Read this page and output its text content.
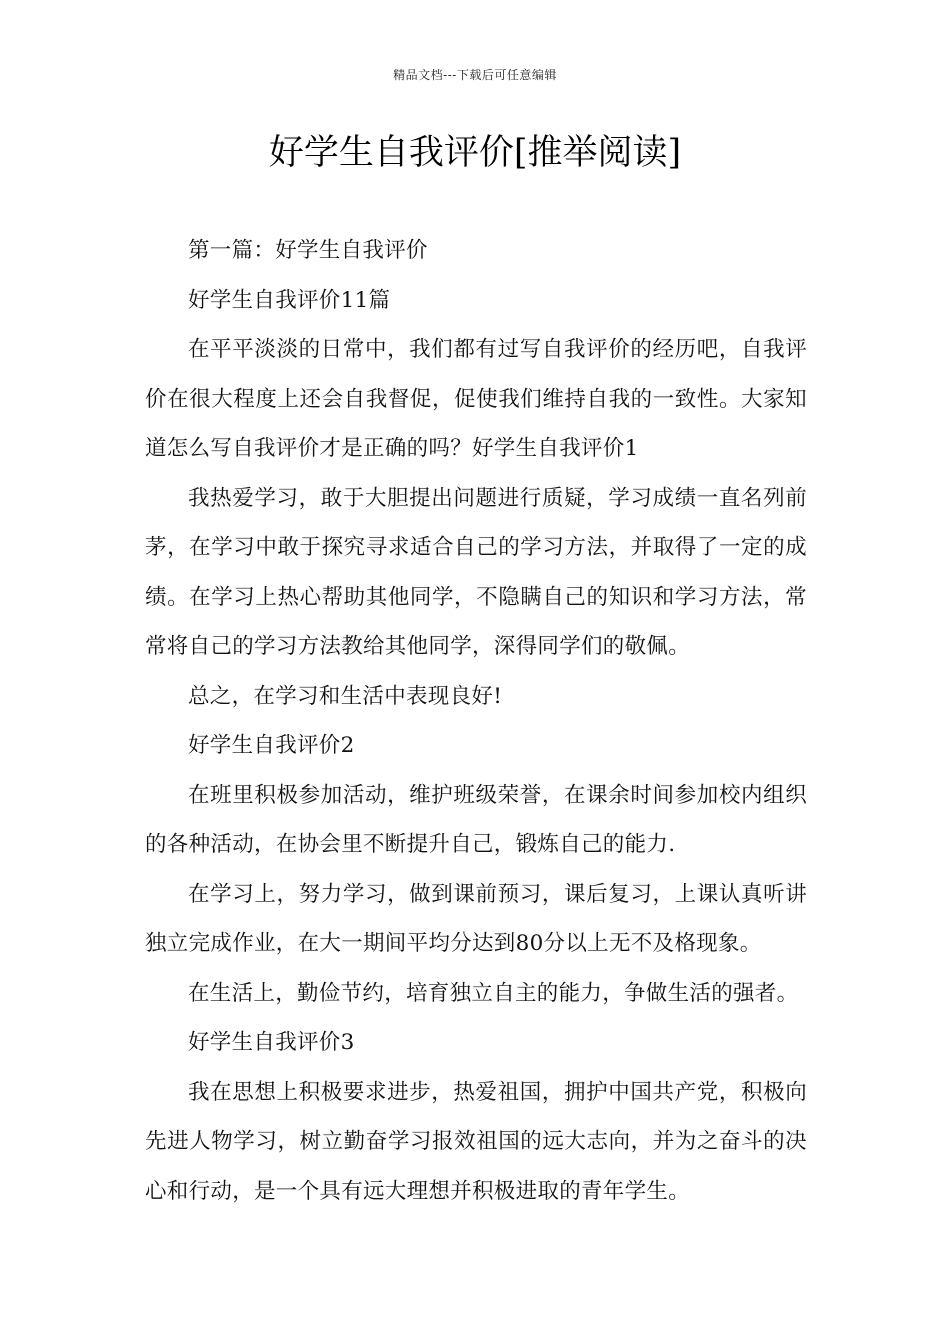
精品文档---下载后可任意编辑
好学生自我评价[推举阅读]

第一篇：好学生自我评价

好学生自我评价11篇

在平平淡淡的日常中，我们都有过写自我评价的经历吧，自我评价在很大程度上还会自我督促，促使我们维持自我的一致性。大家知道怎么写自我评价才是正确的吗？好学生自我评价1

我热爱学习，敢于大胆提出问题进行质疑，学习成绩一直名列前茅，在学习中敢于探究寻求适合自己的学习方法，并取得了一定的成绩。在学习上热心帮助其他同学，不隐瞒自己的知识和学习方法，常常将自己的学习方法教给其他同学，深得同学们的敬佩。

总之，在学习和生活中表现良好!

好学生自我评价2

在班里积极参加活动，维护班级荣誉，在课余时间参加校内组织的各种活动，在协会里不断提升自己，锻炼自己的能力.

在学习上，努力学习，做到课前预习，课后复习，上课认真听讲独立完成作业，在大一期间平均分达到80分以上无不及格现象。

在生活上，勤俭节约，培育独立自主的能力，争做生活的强者。

好学生自我评价3

我在思想上积极要求进步，热爱祖国，拥护中国共产党，积极向先进人物学习，树立勤奋学习报效祖国的远大志向，并为之奋斗的决心和行动，是一个具有远大理想并积极进取的青年学生。
